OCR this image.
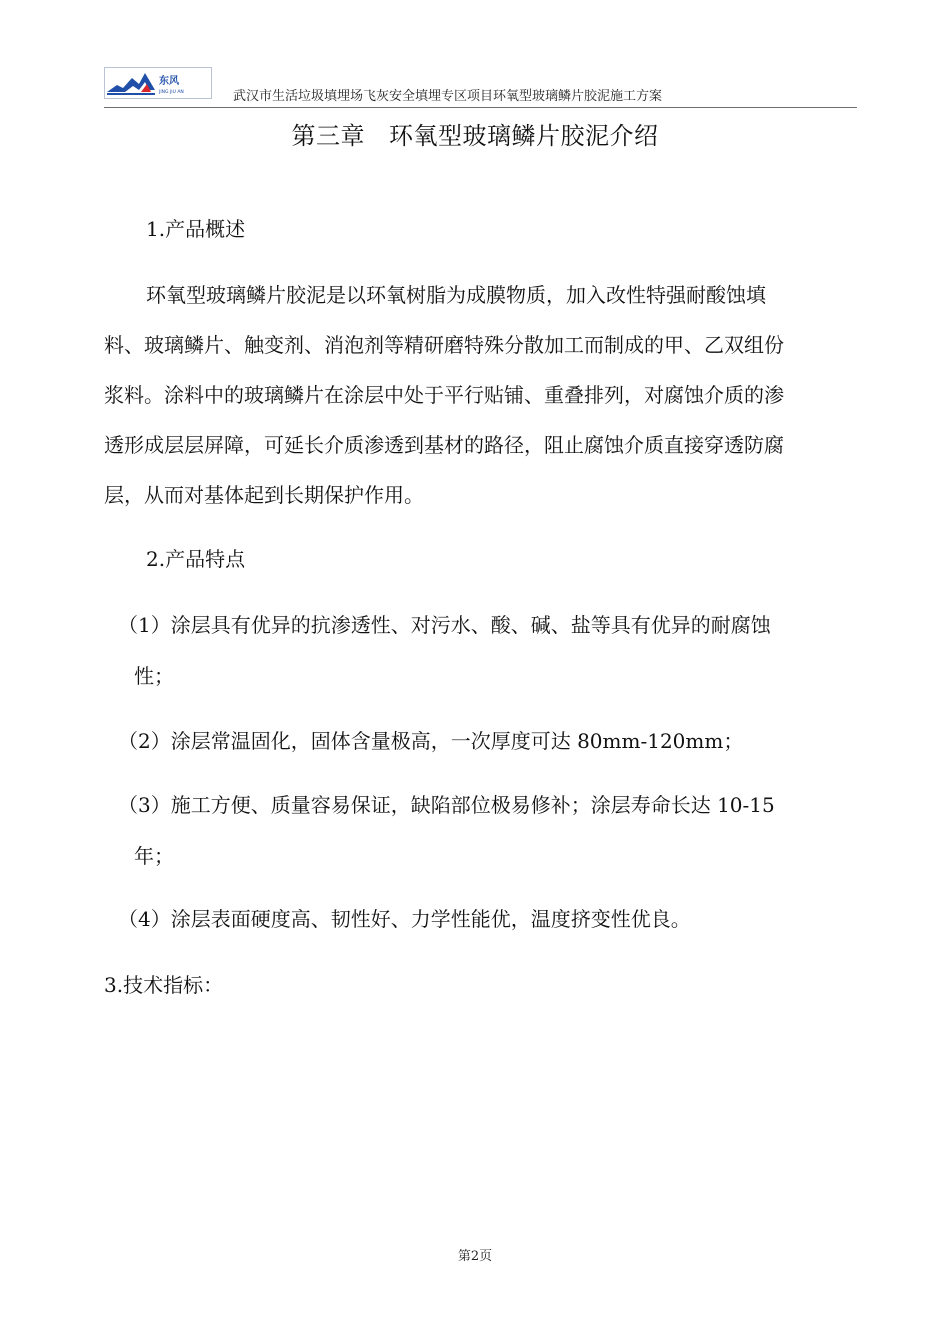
东风
JING JIU AN	武汉市生活垃圾填埋场飞灰安全填埋专区项目环氧型玻璃鳞片胶泥施工方案
第三章 环氧型玻璃鳞片胶泥介绍
1.产品概述
环氧型玻璃鳞片胶泥是以环氧树脂为成膜物质，加入改性特强耐酸蚀填
料、玻璃鳞片、触变剂、消泡剂等精研磨特殊分散加工而制成的甲、乙双组份
浆料。涂料中的玻璃鳞片在涂层中处于平行贴铺、重叠排列，对腐蚀介质的渗
透形成层层屏障，可延长介质渗透到基材的路径，阻止腐蚀介质直接穿透防腐
层，从而对基体起到长期保护作用。
2.产品特点
（1）涂层具有优异的抗渗透性、对污水、酸、碱、盐等具有优异的耐腐蚀
性；
（2）涂层常温固化，固体含量极高，一次厚度可达 80mm-120mm；
（3）施工方便、质量容易保证，缺陷部位极易修补；涂层寿命长达 10-15
年；
（4）涂层表面硬度高、韧性好、力学性能优，温度挤变性优良。
3.技术指标：
第2页
